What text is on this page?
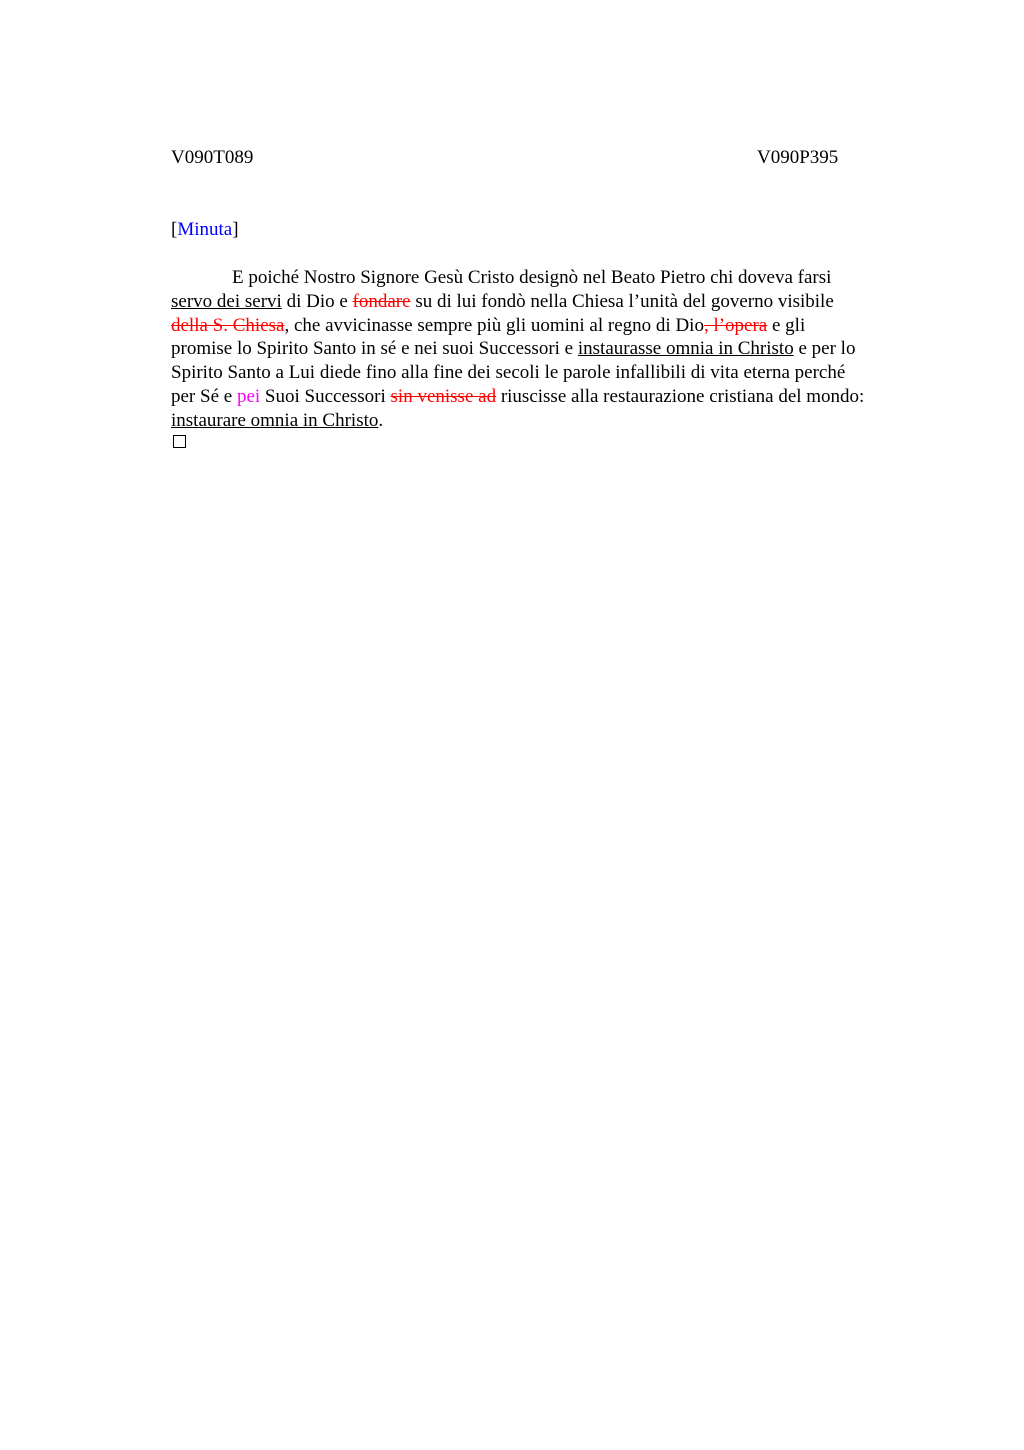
V090T089	V090P395
[Minuta]
E poiché Nostro Signore Gesù Cristo designò nel Beato Pietro chi doveva farsi
servo dei servi di Dio e fondare su di lui fondò nella Chiesa l’unità del governo visibile
della S. Chiesa, che avvicinasse sempre più gli uomini al regno di Dio, l’opera e gli
promise lo Spirito Santo in sé e nei suoi Successori e instaurasse omnia in Christo e per lo
Spirito Santo a Lui diede fino alla fine dei secoli le parole infallibili di vita eterna perché
per Sé e pei Suoi Successori sin venisse ad riuscisse alla restaurazione cristiana del mondo:
instaurare omnia in Christo.
